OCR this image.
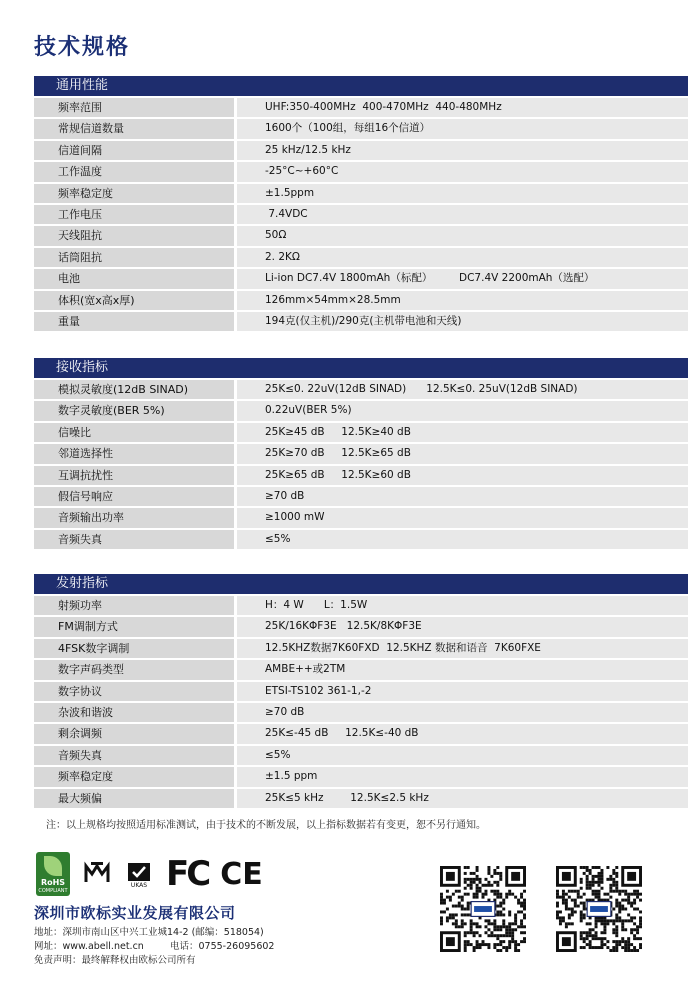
技术规格
通用性能
频率范围	UHF:350-400MHz  400-470MHz  440-480MHz
常规信道数量	1600个（100组，每组16个信道）
信道间隔	25 kHz/12.5 kHz
工作温度	-25°C~+60°C
频率稳定度	±1.5ppm
工作电压	7.4VDC
天线阻抗	50Ω
话筒阻抗	2. 2KΩ
电池	Li-ion DC7.4V 1800mAh（标配）        DC7.4V 2200mAh（选配）
体积(宽x高x厚)	126mm×54mm×28.5mm
重量	194克(仅主机)/290克(主机带电池和天线)
接收指标
模拟灵敏度(12dB SINAD)	25K≤0. 22uV(12dB SINAD)      12.5K≤0. 25uV(12dB SINAD)
数字灵敏度(BER 5%)	0.22uV(BER 5%)
信噪比	25K≥45 dB     12.5K≥40 dB
邻道选择性	25K≥70 dB     12.5K≥65 dB
互调抗扰性	25K≥65 dB     12.5K≥60 dB
假信号响应	≥70 dB
音频输出功率	≥1000 mW
音频失真	≤5%
发射指标
射频功率	H：4 W      L：1.5W
FM调制方式	25K/16KΦF3E   12.5K/8KΦF3E
4FSK数字调制	12.5KHZ数据7K60FXD  12.5KHZ 数据和语音  7K60FXE
数字声码类型	AMBE++或2TM
数字协议	ETSI-TS102 361-1,-2
杂波和谐波	≥70 dB
剩余调频	25K≤-45 dB     12.5K≤-40 dB
音频失真	≤5%
频率稳定度	±1.5 ppm
最大频偏	25K≤5 kHz        12.5K≤2.5 kHz
注：以上规格均按照适用标准测试，由于技术的不断发展，以上指标数据若有变更，恕不另行通知。
RoHS
COMPLIANT
UKAS FC CE
深圳市欧标实业发展有限公司
地址：深圳市南山区中兴工业城14-2 (邮编：518054)
网址：www.abell.net.cn	电话：0755-26095602
免责声明：最终解释权由欧标公司所有
